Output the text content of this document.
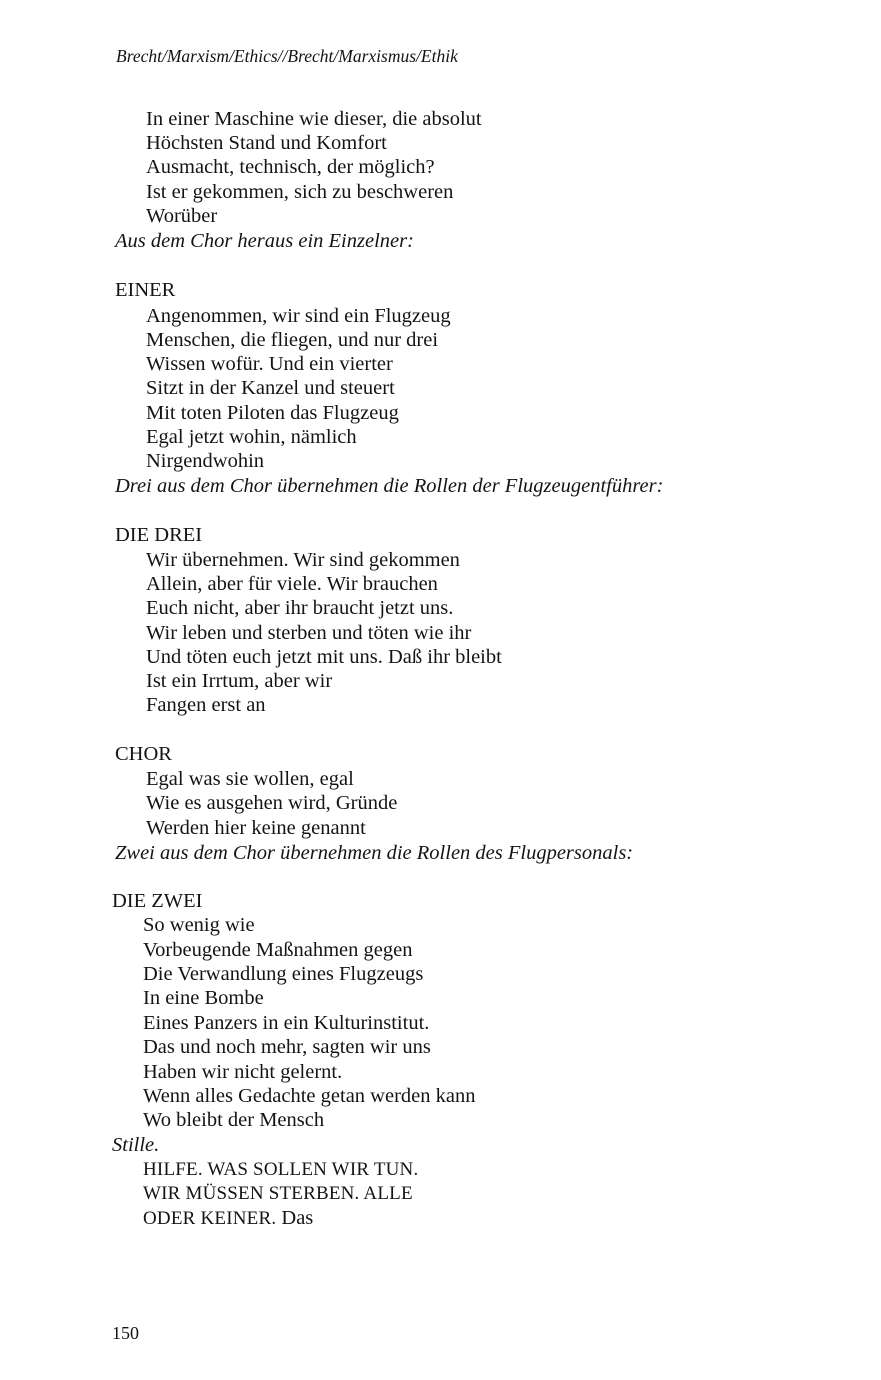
Brecht/Marxism/Ethics//Brecht/Marxismus/Ethik
In einer Maschine wie dieser, die absolut
Höchsten Stand und Komfort
Ausmacht, technisch, der möglich?
Ist er gekommen, sich zu beschweren
Worüber
Aus dem Chor heraus ein Einzelner:
EINER
Angenommen, wir sind ein Flugzeug
Menschen, die fliegen, und nur drei
Wissen wofür. Und ein vierter
Sitzt in der Kanzel und steuert
Mit toten Piloten das Flugzeug
Egal jetzt wohin, nämlich
Nirgendwohin
Drei aus dem Chor übernehmen die Rollen der Flugzeugentführer:
DIE DREI
Wir übernehmen. Wir sind gekommen
Allein, aber für viele. Wir brauchen
Euch nicht, aber ihr braucht jetzt uns.
Wir leben und sterben und töten wie ihr
Und töten euch jetzt mit uns. Daß ihr bleibt
Ist ein Irrtum, aber wir
Fangen erst an
CHOR
Egal was sie wollen, egal
Wie es ausgehen wird, Gründe
Werden hier keine genannt
Zwei aus dem Chor übernehmen die Rollen des Flugpersonals:
DIE ZWEI
So wenig wie
Vorbeugende Maßnahmen gegen
Die Verwandlung eines Flugzeugs
In eine Bombe
Eines Panzers in ein Kulturinstitut.
Das und noch mehr, sagten wir uns
Haben wir nicht gelernt.
Wenn alles Gedachte getan werden kann
Wo bleibt der Mensch
Stille.
HILFE. WAS SOLLEN WIR TUN.
WIR MÜSSEN STERBEN. ALLE
ODER KEINER. Das
150
